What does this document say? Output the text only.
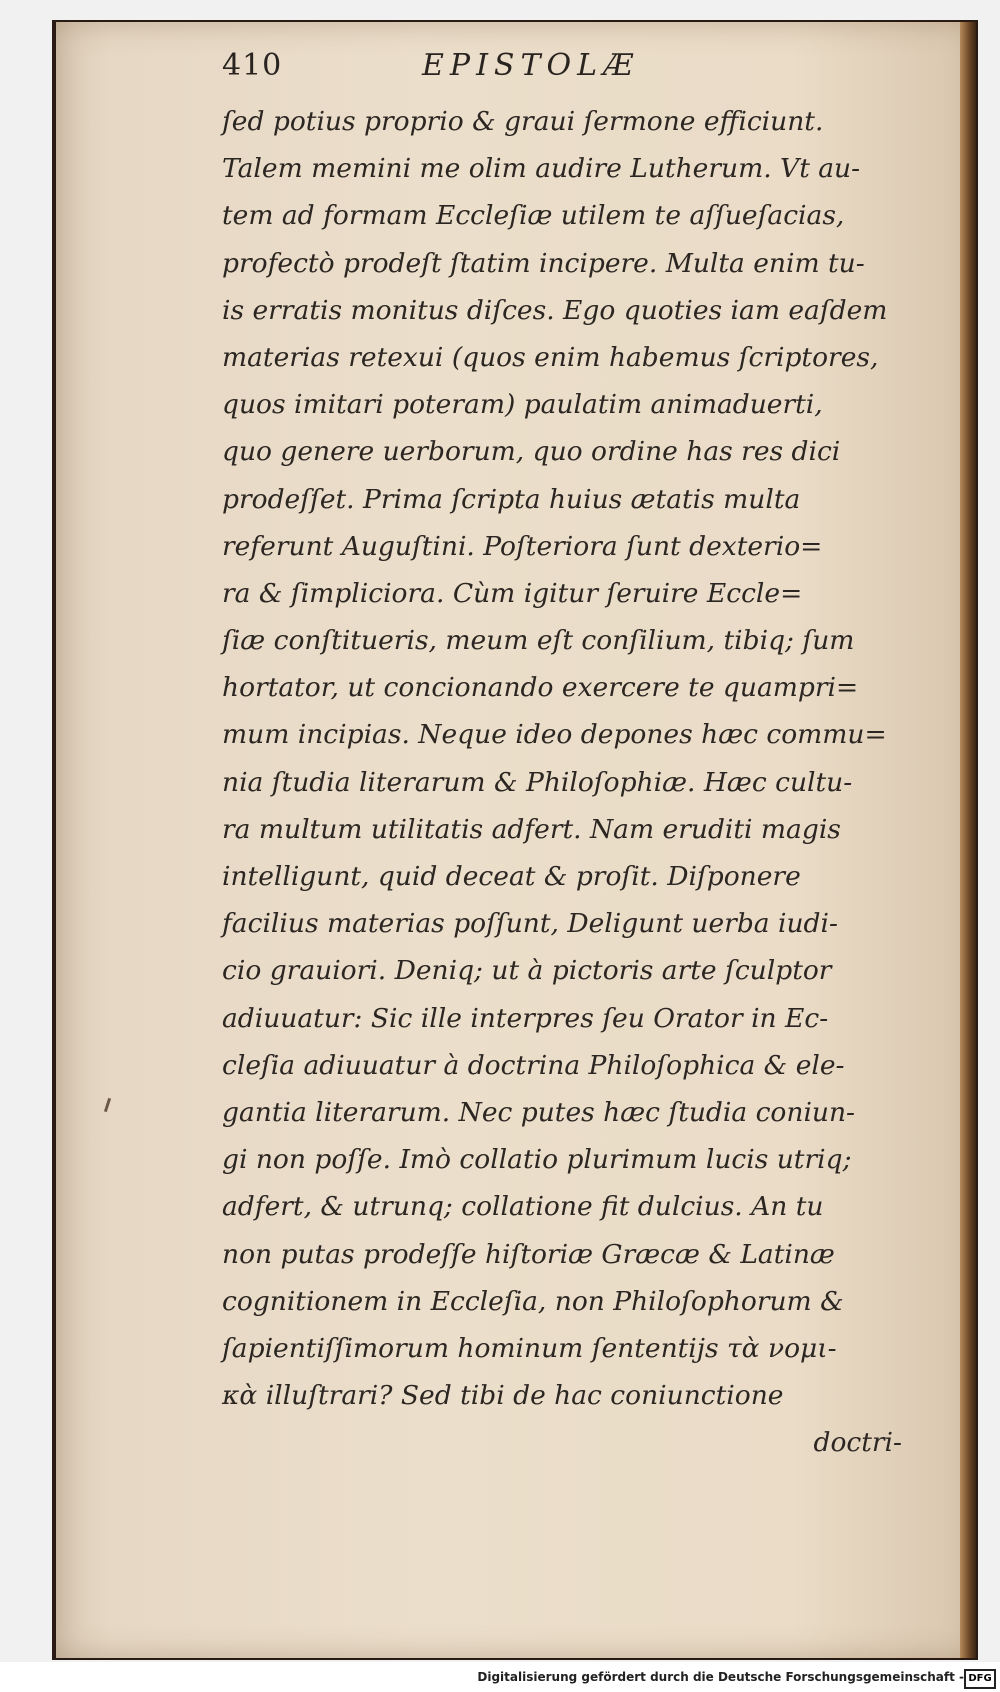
410	EPISTOLÆ
ſed potius proprio & graui ſermone efficiunt.
Talem memini me olim audire Lutherum. Vt au-
tem ad formam Eccleſiæ utilem te aſſueſacias,
profectò prodeſt ſtatim incipere. Multa enim tu-
is erratis monitus diſces. Ego quoties iam eaſdem
materias retexui (quos enim habemus ſcriptores,
quos imitari poteram) paulatim animaduerti,
quo genere uerborum, quo ordine has res dici
prodeſſet. Prima ſcripta huius ætatis multa
referunt Auguſtini. Poſteriora ſunt dexterio=
ra & ſimpliciora. Cùm igitur ſeruire Eccle=
ſiæ conſtitueris, meum eſt conſilium, tibiq; ſum
hortator, ut concionando exercere te quampri=
mum incipias. Neque ideo depones hæc commu=
nia ſtudia literarum & Philoſophiæ. Hæc cultu-
ra multum utilitatis adfert. Nam eruditi magis
intelligunt, quid deceat & proſit. Diſponere
facilius materias poſſunt, Deligunt uerba iudi-
cio grauiori. Deniq; ut à pictoris arte ſculptor
adiuuatur: Sic ille interpres ſeu Orator in Ec-
cleſia adiuuatur à doctrina Philoſophica & ele-
gantia literarum. Nec putes hæc ſtudia coniun-
gi non poſſe. Imò collatio plurimum lucis utriq;
adfert, & utrunq; collatione fit dulcius. An tu
non putas prodeſſe hiſtoriæ Græcæ & Latinæ
cognitionem in Eccleſia, non Philoſophorum &
ſapientiſſimorum hominum ſententijs τὰ νομι-
κὰ illuſtrari? Sed tibi de hac coniunctione
doctri-
Digitalisierung gefördert durch die Deutsche Forschungsgemeinschaft - DFG
